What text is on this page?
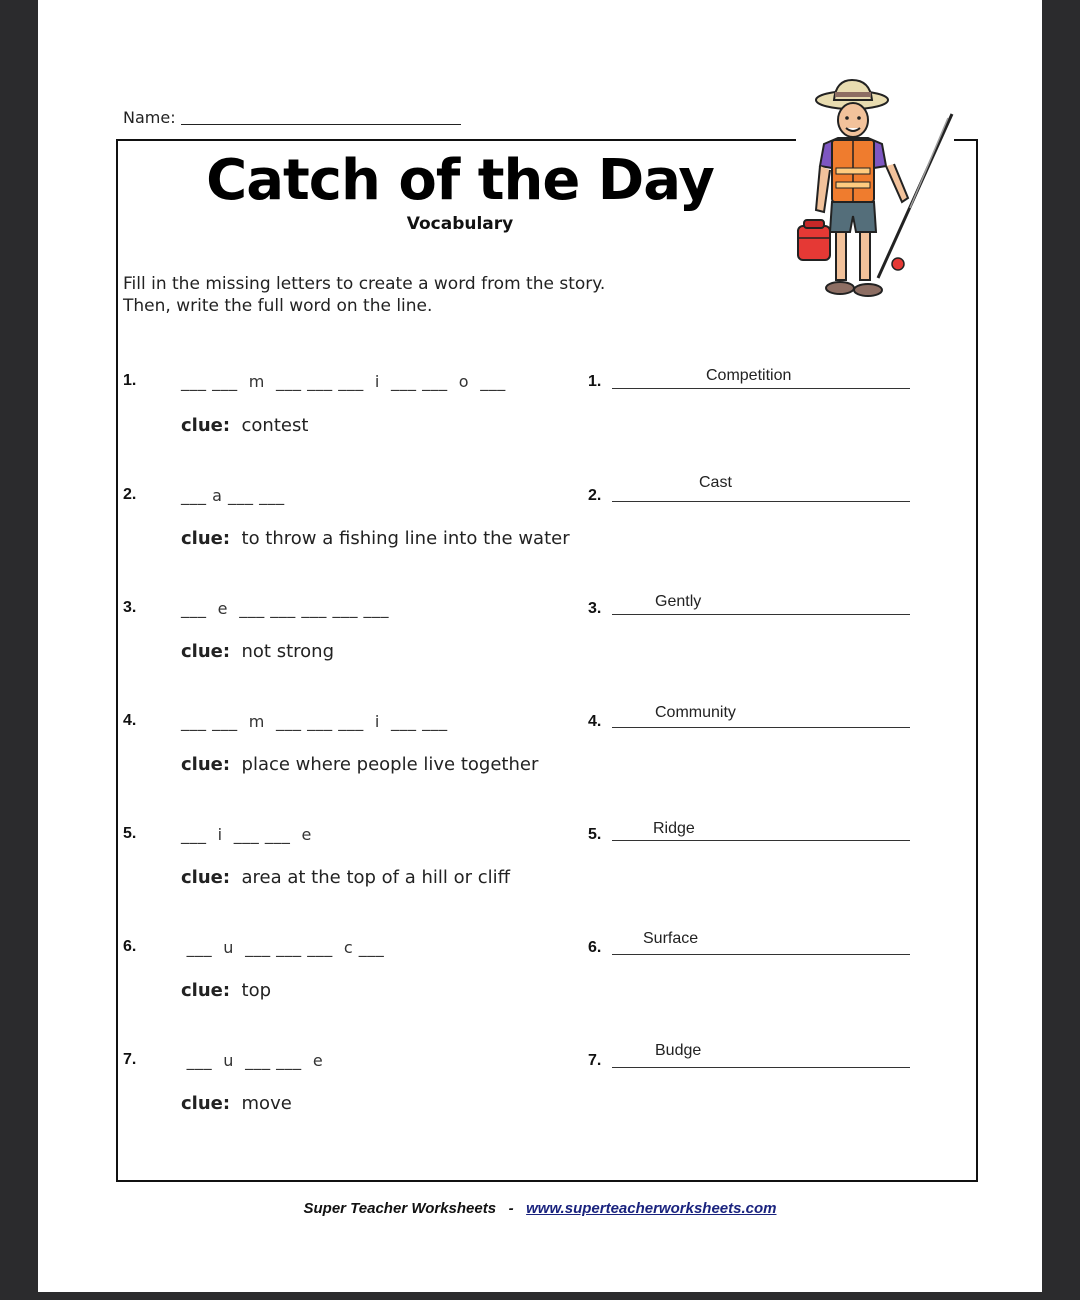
Name:
Catch of the Day
Vocabulary
Fill in the missing letters to create a word from the story.
Then, write the full word on the line.
1.	___ ___  m  ___ ___ ___  i  ___ ___  o  ___
clue: contest
1.	Competition
2.	___ a ___ ___
clue: to throw a fishing line into the water
2.
Cast
3.	___  e  ___ ___ ___ ___ ___
clue: not strong
3.	Gently
4.	___ ___  m  ___ ___ ___  i  ___ ___
clue: place where people live together
4.
Community
5.	___  i  ___ ___  e
clue: area at the top of a hill or cliff
5.	Ridge
6.	___  u  ___ ___ ___  c ___
clue: top
6.
Surface
7.	___  u  ___ ___  e
clue: move
7.
Budge
Super Teacher Worksheets - www.superteacherworksheets.com
